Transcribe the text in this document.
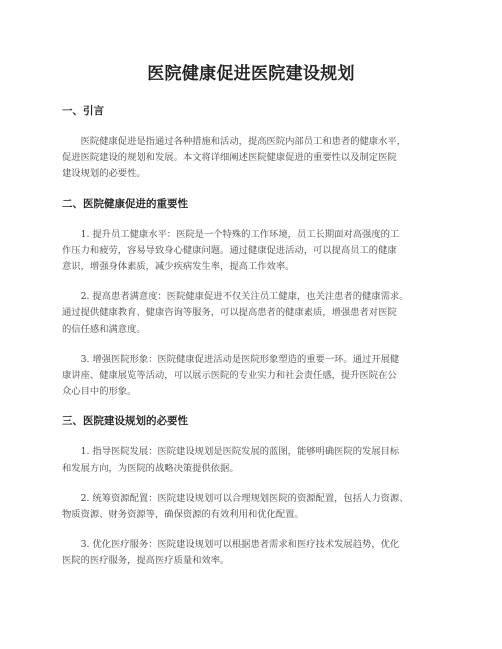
医院健康促进医院建设规划
一、引言

医院健康促进是指通过各种措施和活动，提高医院内部员工和患者的健康水平，
促进医院建设的规划和发展。本文将详细阐述医院健康促进的重要性以及制定医院
建设规划的必要性。

二、医院健康促进的重要性

1. 提升员工健康水平：医院是一个特殊的工作环境，员工长期面对高强度的工
作压力和疲劳，容易导致身心健康问题。通过健康促进活动，可以提高员工的健康
意识，增强身体素质，减少疾病发生率，提高工作效率。

2. 提高患者满意度：医院健康促进不仅关注员工健康，也关注患者的健康需求。
通过提供健康教育、健康咨询等服务，可以提高患者的健康素质，增强患者对医院
的信任感和满意度。

3. 增强医院形象：医院健康促进活动是医院形象塑造的重要一环。通过开展健
康讲座、健康展览等活动，可以展示医院的专业实力和社会责任感，提升医院在公
众心目中的形象。

三、医院建设规划的必要性

1. 指导医院发展：医院建设规划是医院发展的蓝图，能够明确医院的发展目标
和发展方向，为医院的战略决策提供依据。

2. 统筹资源配置：医院建设规划可以合理规划医院的资源配置，包括人力资源、
物质资源、财务资源等，确保资源的有效利用和优化配置。

3. 优化医疗服务：医院建设规划可以根据患者需求和医疗技术发展趋势，优化
医院的医疗服务，提高医疗质量和效率。
